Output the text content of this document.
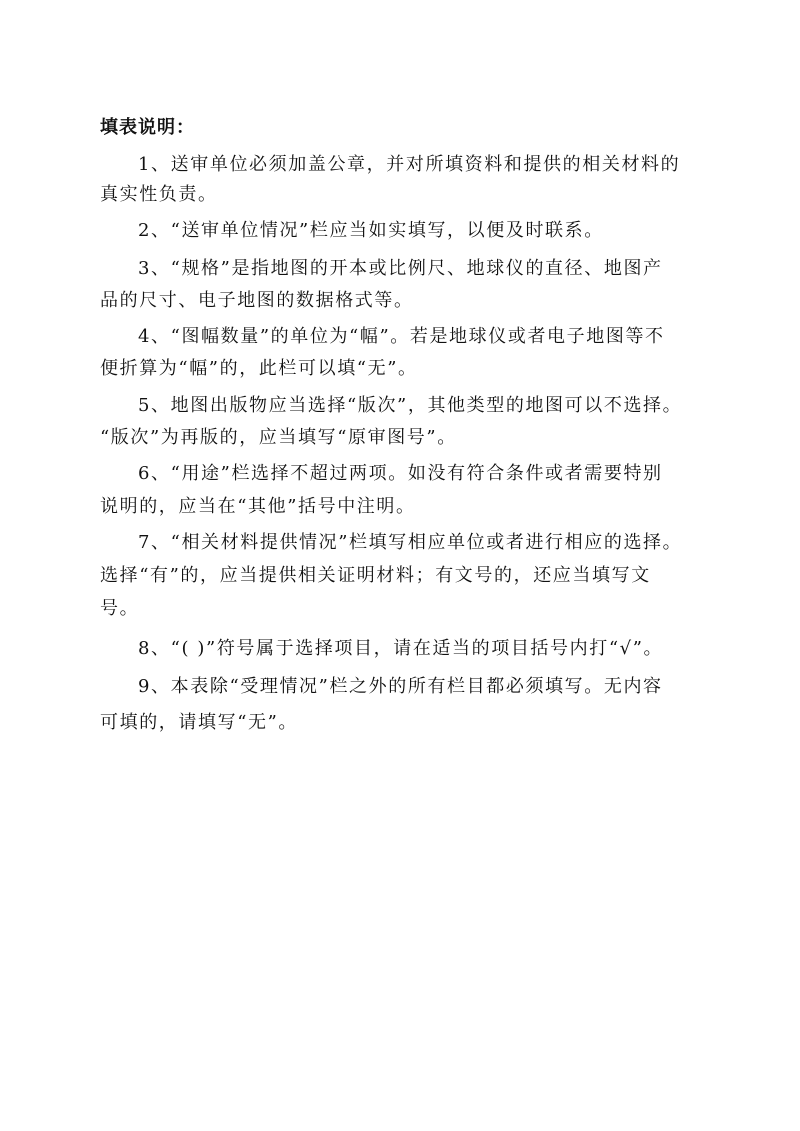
填表说明：
1、送审单位必须加盖公章，并对所填资料和提供的相关材料的
真实性负责。
2、“送审单位情况”栏应当如实填写，以便及时联系。
3、“规格”是指地图的开本或比例尺、地球仪的直径、地图产
品的尺寸、电子地图的数据格式等。
4、“图幅数量”的单位为“幅”。若是地球仪或者电子地图等不
便折算为“幅”的，此栏可以填“无”。
5、地图出版物应当选择“版次”，其他类型的地图可以不选择。
“版次”为再版的，应当填写“原审图号”。
6、“用途”栏选择不超过两项。如没有符合条件或者需要特别
说明的，应当在“其他”括号中注明。
7、“相关材料提供情况”栏填写相应单位或者进行相应的选择。
选择“有”的，应当提供相关证明材料；有文号的，还应当填写文
号。
8、“( )”符号属于选择项目，请在适当的项目括号内打“√”。
9、本表除“受理情况”栏之外的所有栏目都必须填写。无内容
可填的，请填写“无”。
